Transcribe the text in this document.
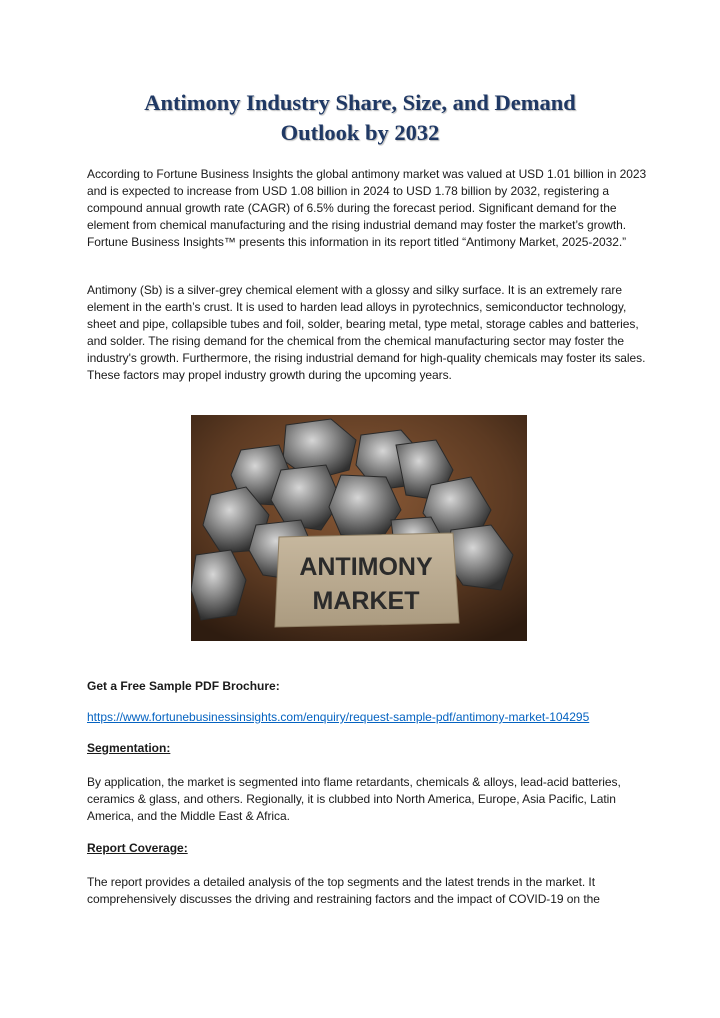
Antimony Industry Share, Size, and Demand
Outlook by 2032

According to Fortune Business Insights the global antimony market was valued at USD 1.01 billion in 2023 and is expected to increase from USD 1.08 billion in 2024 to USD 1.78 billion by 2032, registering a compound annual growth rate (CAGR) of 6.5% during the forecast period. Significant demand for the element from chemical manufacturing and the rising industrial demand may foster the market’s growth. Fortune Business Insights™ presents this information in its report titled “Antimony Market, 2025-2032.”

Antimony (Sb) is a silver-grey chemical element with a glossy and silky surface. It is an extremely rare element in the earth’s crust. It is used to harden lead alloys in pyrotechnics, semiconductor technology, sheet and pipe, collapsible tubes and foil, solder, bearing metal, type metal, storage cables and batteries, and solder. The rising demand for the chemical from the chemical manufacturing sector may foster the industry's growth. Furthermore, the rising industrial demand for high-quality chemicals may foster its sales. These factors may propel industry growth during the upcoming years.

ANTIMONY
MARKET

Get a Free Sample PDF Brochure:

https://www.fortunebusinessinsights.com/enquiry/request-sample-pdf/antimony-market-104295

Segmentation:

By application, the market is segmented into flame retardants, chemicals & alloys, lead-acid batteries, ceramics & glass, and others. Regionally, it is clubbed into North America, Europe, Asia Pacific, Latin America, and the Middle East & Africa.

Report Coverage:

The report provides a detailed analysis of the top segments and the latest trends in the market. It comprehensively discusses the driving and restraining factors and the impact of COVID-19 on the
